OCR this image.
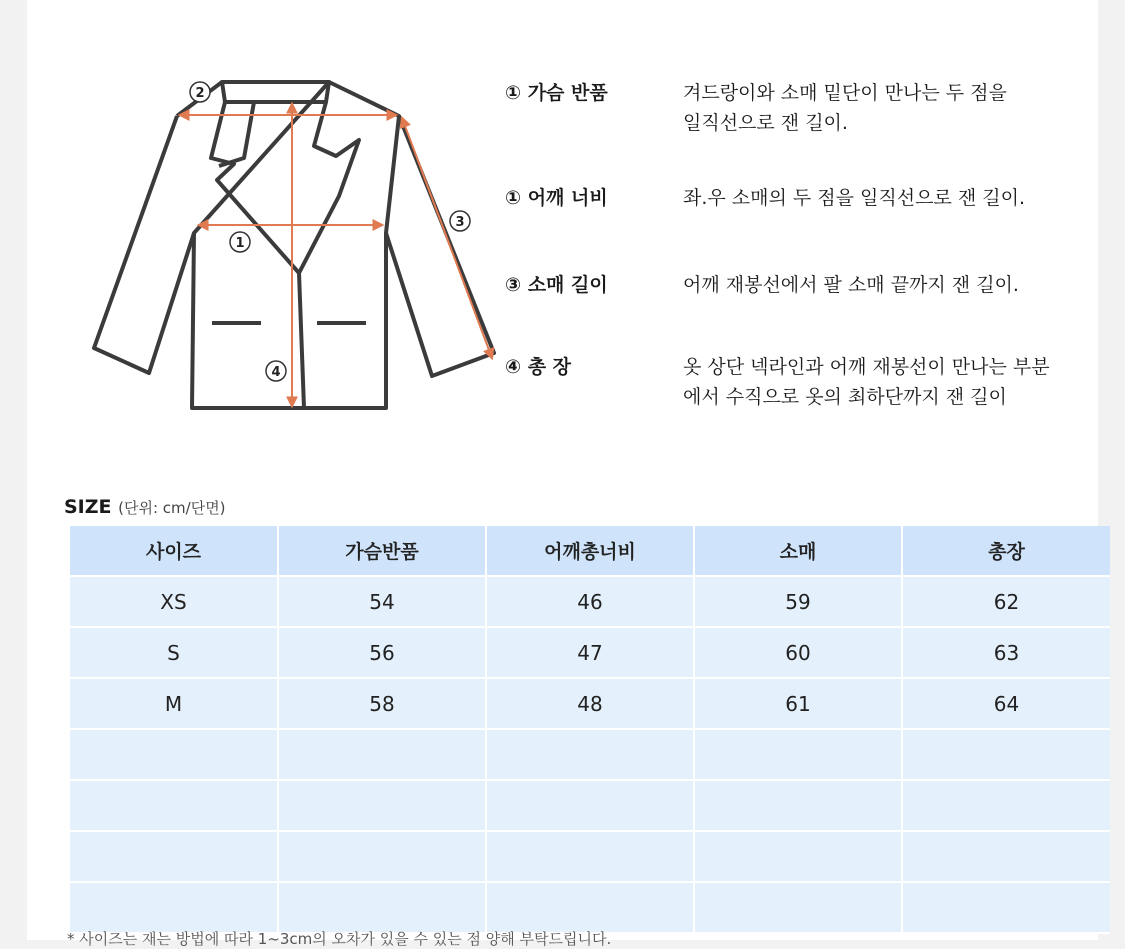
2
1
3
4
① 가슴 반품	겨드랑이와 소매 밑단이 만나는 두 점을
일직선으로 잰 길이.
① 어깨 너비	좌.우 소매의 두 점을 일직선으로 잰 길이.
③ 소매 길이	어깨 재봉선에서 팔 소매 끝까지 잰 길이.
④ 총 장	옷 상단 넥라인과 어깨 재봉선이 만나는 부분
에서 수직으로 옷의 최하단까지 잰 길이
SIZE (단위: cm/단면)
사이즈	가슴반품	어깨총너비	소매	총장
XS	54	46	59	62
S	56	47	60	63
M	58	48	61	64

* 사이즈는 재는 방법에 따라 1~3cm의 오차가 있을 수 있는 점 양해 부탁드립니다.
